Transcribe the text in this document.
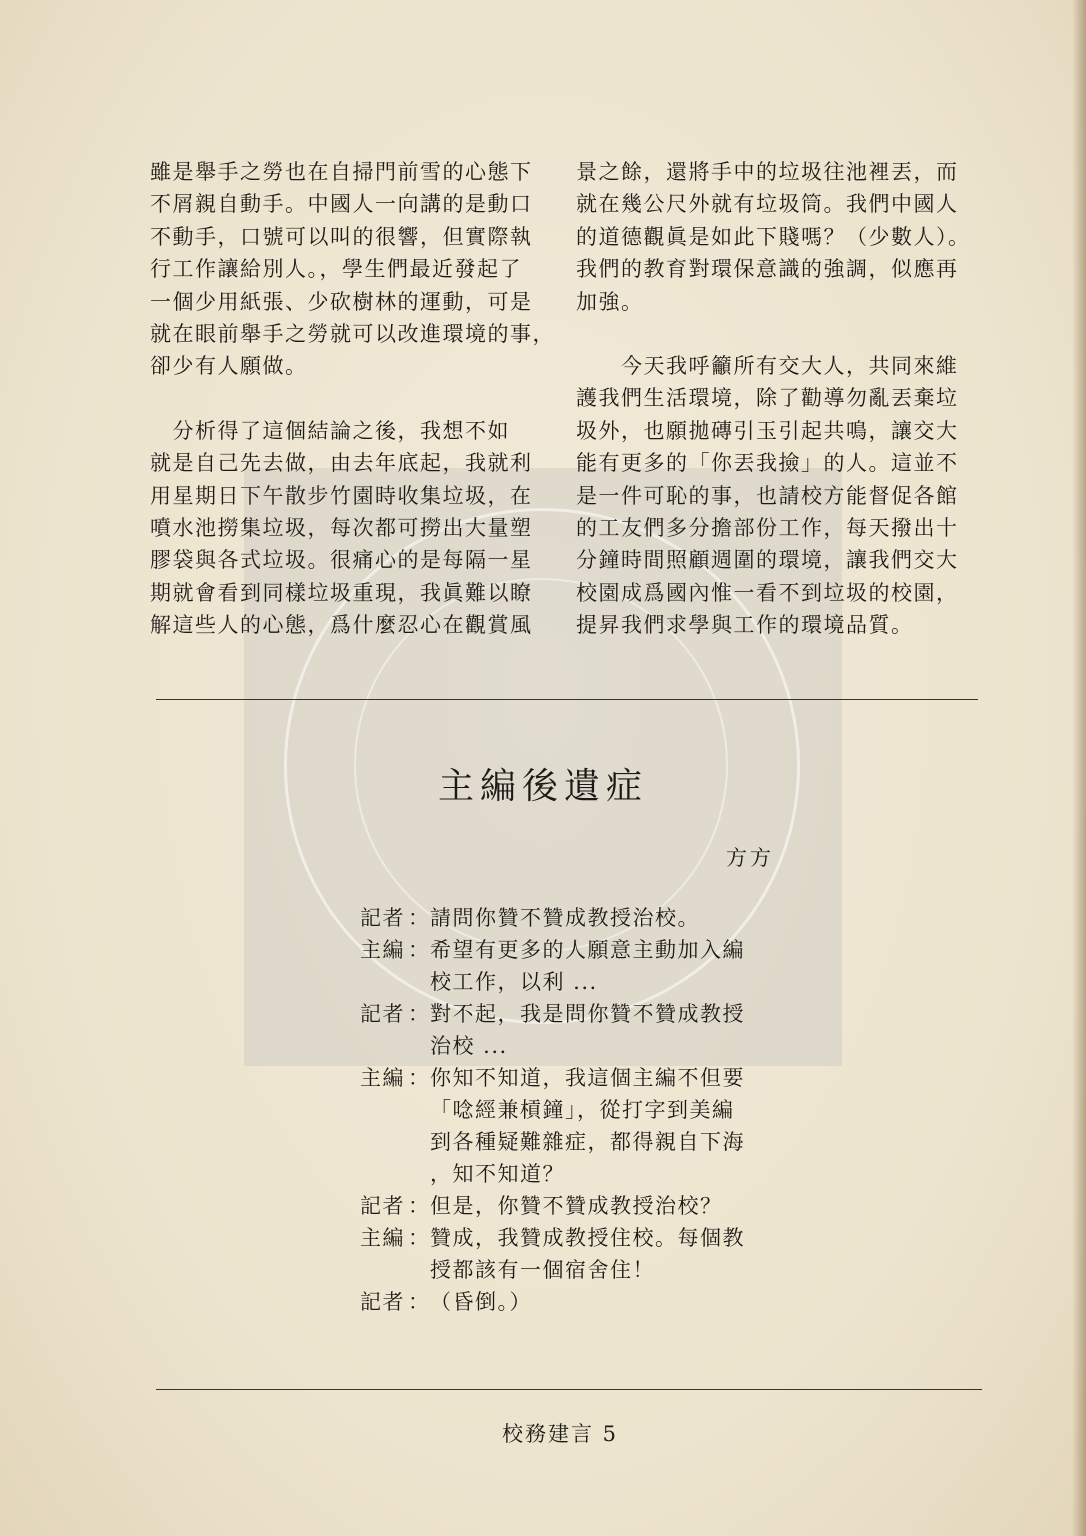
雖是舉手之勞也在自掃門前雪的心態下

不屑親自動手。中國人一向講的是動口

不動手，口號可以叫的很響，但實際執

行工作讓給別人。，學生們最近發起了

一個少用紙張、少砍樹林的運動，可是

就在眼前舉手之勞就可以改進環境的事，

卻少有人願做。

　分析得了這個結論之後，我想不如

就是自己先去做，由去年底起，我就利

用星期日下午散步竹園時收集垃圾，在

噴水池撈集垃圾，每次都可撈出大量塑

膠袋與各式垃圾。很痛心的是每隔一星

期就會看到同樣垃圾重現，我眞難以瞭

解這些人的心態，爲什麼忍心在觀賞風

景之餘，還將手中的垃圾往池裡丟，而

就在幾公尺外就有垃圾筒。我們中國人

的道德觀眞是如此下賤嗎？（少數人）。

我們的教育對環保意識的強調，似應再

加強。

　　今天我呼籲所有交大人，共同來維

護我們生活環境，除了勸導勿亂丟棄垃

圾外，也願拋磚引玉引起共鳴，讓交大

能有更多的「你丟我撿」的人。這並不

是一件可恥的事，也請校方能督促各館

的工友們多分擔部份工作，每天撥出十

分鐘時間照顧週圍的環境，讓我們交大

校園成爲國內惟一看不到垃圾的校園，

提昇我們求學與工作的環境品質。

主編後遺症
方方
記者 ： 請問你贊不贊成教授治校。
主編 ： 希望有更多的人願意主動加入編
校工作，以利 ...
記者 ： 對不起，我是問你贊不贊成教授
治校 ...
主編 ： 你知不知道，我這個主編不但要
「唸經兼槓鐘」，從打字到美編
到各種疑難雜症，都得親自下海
，知不知道？
記者 ： 但是，你贊不贊成教授治校？
主編 ： 贊成，我贊成教授住校。每個教
授都該有一個宿舍住！
記者 ： （昏倒。）
校務建言 5
